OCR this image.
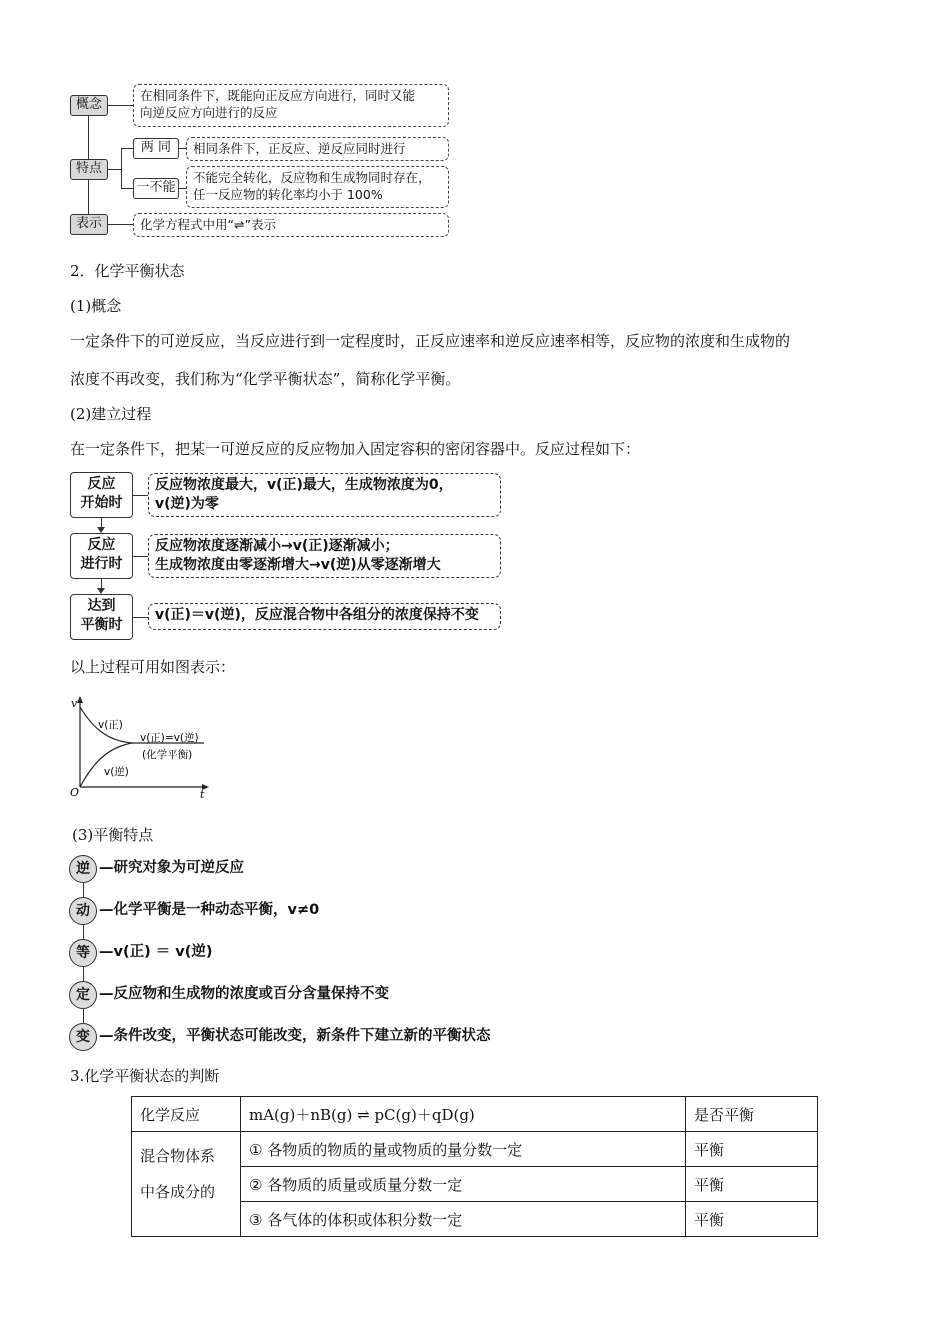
概念
特点
表示
两 同
一不能
在相同条件下，既能向正反应方向进行，同时又能
向逆反应方向进行的反应
相同条件下，正反应、逆反应同时进行
不能完全转化，反应物和生成物同时存在，
任一反应物的转化率均小于 100%
化学方程式中用“⇌”表示
2．化学平衡状态
(1)概念
一定条件下的可逆反应，当反应进行到一定程度时，正反应速率和逆反应速率相等，反应物的浓度和生成物的
浓度不再改变，我们称为“化学平衡状态”，简称化学平衡。
(2)建立过程
在一定条件下，把某一可逆反应的反应物加入固定容积的密闭容器中。反应过程如下：
反应
开始时
反应
进行时
达到
平衡时
反应物浓度最大，v(正)最大，生成物浓度为0，
v(逆)为零
反应物浓度逐渐减小→v(正)逐渐减小；
生成物浓度由零逐渐增大→v(逆)从零逐渐增大
v(正)＝v(逆)，反应混合物中各组分的浓度保持不变
以上过程可用如图表示：
v
t
O
v(正)
v(逆)
v(正)=v(逆)
(化学平衡)
(3)平衡特点
逆 —研究对象为可逆反应
动 —化学平衡是一种动态平衡，v≠0
等 —v(正) ＝ v(逆)
定 —反应物和生成物的浓度或百分含量保持不变
变 —条件改变，平衡状态可能改变，新条件下建立新的平衡状态
3.化学平衡状态的判断
化学反应	mA(g)＋nB(g) ⇌ pC(g)＋qD(g)	是否平衡

混合物体系
中各成分的	① 各物质的物质的量或物质的量分数一定	平衡
	② 各物质的质量或质量分数一定	平衡
	③ 各气体的体积或体积分数一定	平衡
